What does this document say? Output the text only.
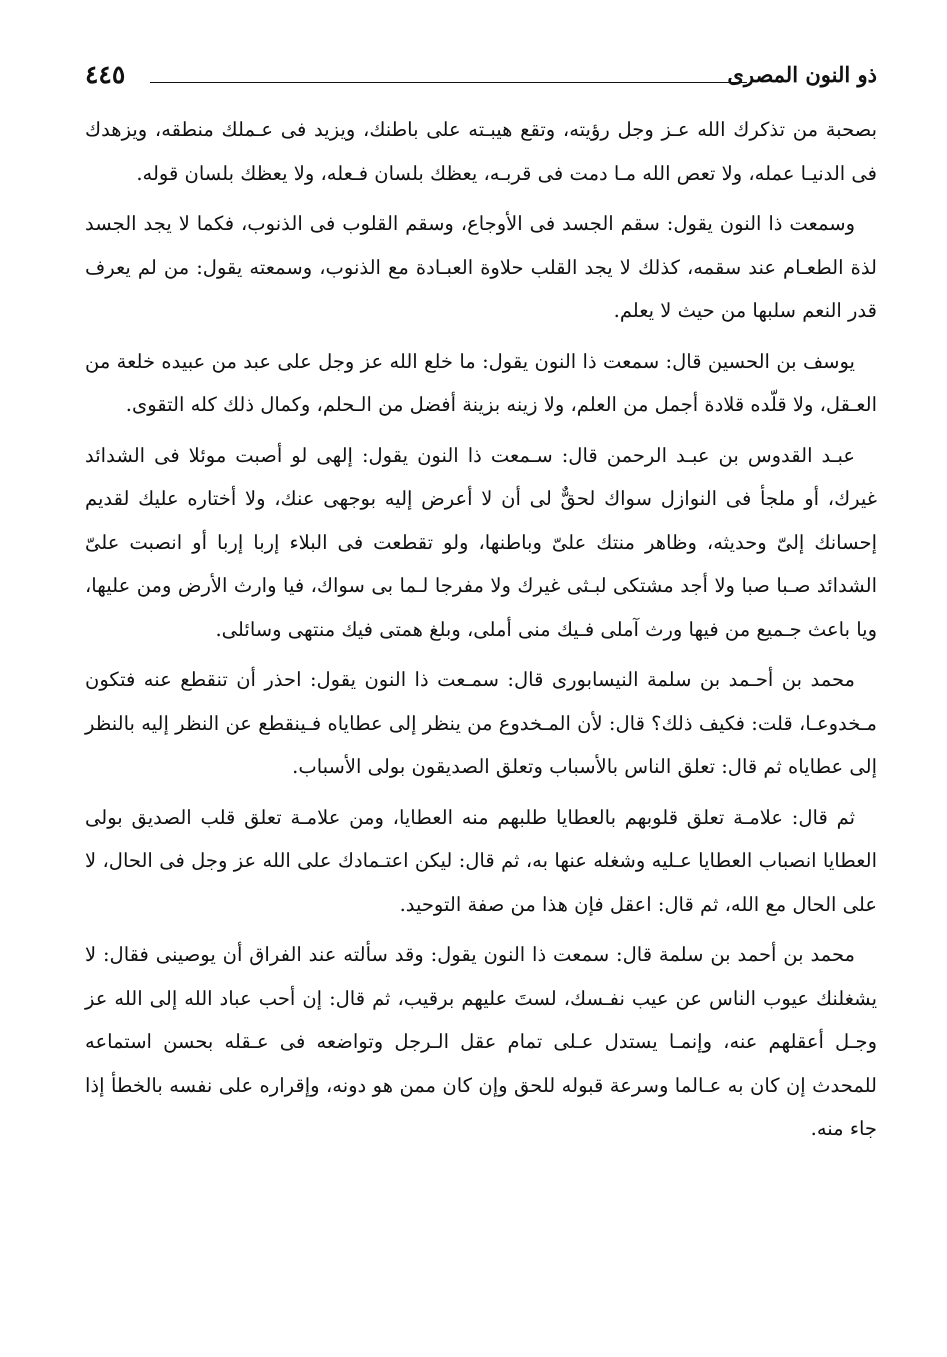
ذو النون المصرى
٤٤٥

بصحبة من تذكرك الله عـز وجل رؤيته، وتقع هيبـته على باطنك، ويزيد فى عـملك منطقه، ويزهدك فى الدنيـا عمله، ولا تعص الله مـا دمت فى قربـه، يعظك بلسان فـعله، ولا يعظك بلسان قوله.

وسمعت ذا النون يقول: سقم الجسد فى الأوجاع، وسقم القلوب فى الذنوب، فكما لا يجد الجسد لذة الطعـام عند سقمه، كذلك لا يجد القلب حلاوة العبـادة مع الذنوب، وسمعته يقول: من لم يعرف قدر النعم سلبها من حيث لا يعلم.

يوسف بن الحسين قال: سمعت ذا النون يقول: ما خلع الله عز وجل على عبد من عبيده خلعة من العـقل، ولا قلّده قلادة أجمل من العلم، ولا زينه بزينة أفضل من الـحلم، وكمال ذلك كله التقوى.

عبـد القدوس بن عبـد الرحمن قال: سـمعت ذا النون يقول: إلهى لو أصبت موئلا فى الشدائد غيرك، أو ملجأ فى النوازل سواك لحقٌّ لى أن لا أعرض إليه بوجهى عنك، ولا أختاره عليك لقديم إحسانك إلىّ وحديثه، وظاهر منتك علىّ وباطنها، ولو تقطعت فى البلاء إربا إربا أو انصبت علىّ الشدائد صـبا صبا ولا أجد مشتكى لبـثى غيرك ولا مفرجا لـما بى سواك، فيا وارث الأرض ومن عليها، ويا باعث جـميع من فيها ورث آملى فـيك منى أملى، وبلغ همتى فيك منتهى وسائلى.

محمد بن أحـمد بن سلمة النيسابورى قال: سمـعت ذا النون يقول: احذر أن تنقطع عنه فتكون مـخدوعـا، قلت: فكيف ذلك؟ قال: لأن المـخدوع من ينظر إلى عطاياه فـينقطع عن النظر إليه بالنظر إلى عطاياه ثم قال: تعلق الناس بالأسباب وتعلق الصديقون بولى الأسباب.

ثم قال: علامـة تعلق قلوبهم بالعطايا طلبهم منه العطايا، ومن علامـة تعلق قلب الصديق بولى العطايا انصباب العطايا عـليه وشغله عنها به، ثم قال: ليكن اعتـمادك على الله عز وجل فى الحال، لا على الحال مع الله، ثم قال: اعقل فإن هذا من صفة التوحيد.

محمد بن أحمد بن سلمة قال: سمعت ذا النون يقول: وقد سألته عند الفراق أن يوصينى فقال: لا يشغلنك عيوب الناس عن عيب نفـسك، لستَ عليهم برقيب، ثم قال: إن أحب عباد الله إلى الله عز وجـل أعقلهم عنه، وإنمـا يستدل عـلى تمام عقل الـرجل وتواضعه فى عـقله بحسن استماعه للمحدث إن كان به عـالما وسرعة قبوله للحق وإن كان ممن هو دونه، وإقراره على نفسه بالخطأ إذا جاء منه.
